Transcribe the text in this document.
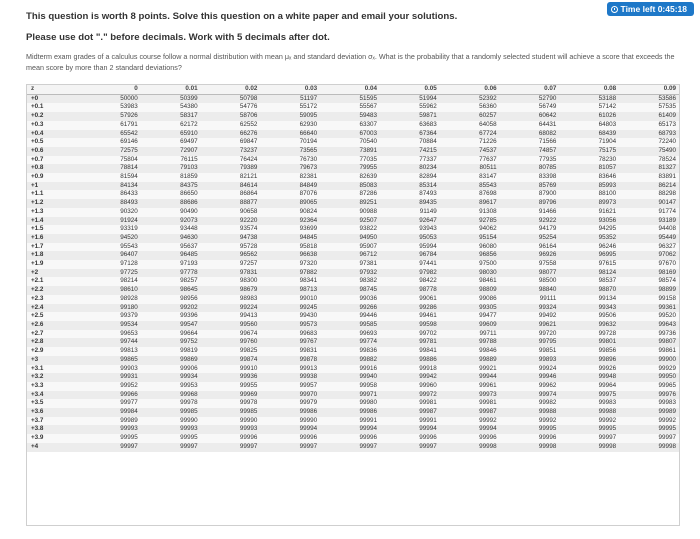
Time left 0:45:18
This question is worth 8 points. Solve this question on a white paper and email your solutions.
Please use dot "." before decimals. Work with 5 decimals after dot.
Midterm exam grades of a calculus course follow a normal distribution with mean μₓ and standard deviation σₓ. What is the probability that a randomly selected student will achieve a score that exceeds the mean score by more than 2 standard deviations?
z	0	0.01	0.02	0.03	0.04	0.05	0.06	0.07	0.08	0.09
+0	50000	50399	50798	51197	51595	51994	52392	52790	53188	53586
+0.1	53983	54380	54776	55172	55567	55962	56360	56749	57142	57535
+0.2	57926	58317	58706	59095	59483	59871	60257	60642	61026	61409
+0.3	61791	62172	62552	62930	63307	63683	64058	64431	64803	65173
+0.4	65542	65910	66276	66640	67003	67364	67724	68082	68439	68793
+0.5	69146	69497	69847	70194	70540	70884	71226	71566	71904	72240
+0.6	72575	72907	73237	73565	73891	74215	74537	74857	75175	75490
+0.7	75804	76115	76424	76730	77035	77337	77637	77935	78230	78524
+0.8	78814	79103	79389	79673	79955	80234	80511	80785	81057	81327
+0.9	81594	81859	82121	82381	82639	82894	83147	83398	83646	83891
+1	84134	84375	84614	84849	85083	85314	85543	85769	85993	86214
+1.1	86433	86650	86864	87076	87286	87493	87698	87900	88100	88298
+1.2	88493	88686	88877	89065	89251	89435	89617	89796	89973	90147
+1.3	90320	90490	90658	90824	90988	91149	91308	91466	91621	91774
+1.4	91924	92073	92220	92364	92507	92647	92785	92922	93056	93189
+1.5	93319	93448	93574	93699	93822	93943	94062	94179	94295	94408
+1.6	94520	94630	94738	94845	94950	95053	95154	95254	95352	95449
+1.7	95543	95637	95728	95818	95907	95994	96080	96164	96246	96327
+1.8	96407	96485	96562	96638	96712	96784	96856	96926	96995	97062
+1.9	97128	97193	97257	97320	97381	97441	97500	97558	97615	97670
+2	97725	97778	97831	97882	97932	97982	98030	98077	98124	98169
+2.1	98214	98257	98300	98341	98382	98422	98461	98500	98537	98574
+2.2	98610	98645	98679	98713	98745	98778	98809	98840	98870	98899
+2.3	98928	98956	98983	99010	99036	99061	99086	99111	99134	99158
+2.4	99180	99202	99224	99245	99266	99286	99305	99324	99343	99361
+2.5	99379	99396	99413	99430	99446	99461	99477	99492	99506	99520
+2.6	99534	99547	99560	99573	99585	99598	99609	99621	99632	99643
+2.7	99653	99664	99674	99683	99693	99702	99711	99720	99728	99736
+2.8	99744	99752	99760	99767	99774	99781	99788	99795	99801	99807
+2.9	99813	99819	99825	99831	99836	99841	99846	99851	99856	99861
+3	99865	99869	99874	99878	99882	99886	99889	99893	99896	99900
+3.1	99903	99906	99910	99913	99916	99918	99921	99924	99926	99929
+3.2	99931	99934	99936	99938	99940	99942	99944	99946	99948	99950
+3.3	99952	99953	99955	99957	99958	99960	99961	99962	99964	99965
+3.4	99966	99968	99969	99970	99971	99972	99973	99974	99975	99976
+3.5	99977	99978	99978	99979	99980	99981	99981	99982	99983	99983
+3.6	99984	99985	99985	99986	99986	99987	99987	99988	99988	99989
+3.7	99989	99990	99990	99990	99991	99991	99992	99992	99992	99992
+3.8	99993	99993	99993	99994	99994	99994	99994	99995	99995	99995
+3.9	99995	99995	99996	99996	99996	99996	99996	99996	99997	99997
+4	99997	99997	99997	99997	99997	99997	99998	99998	99998	99998
